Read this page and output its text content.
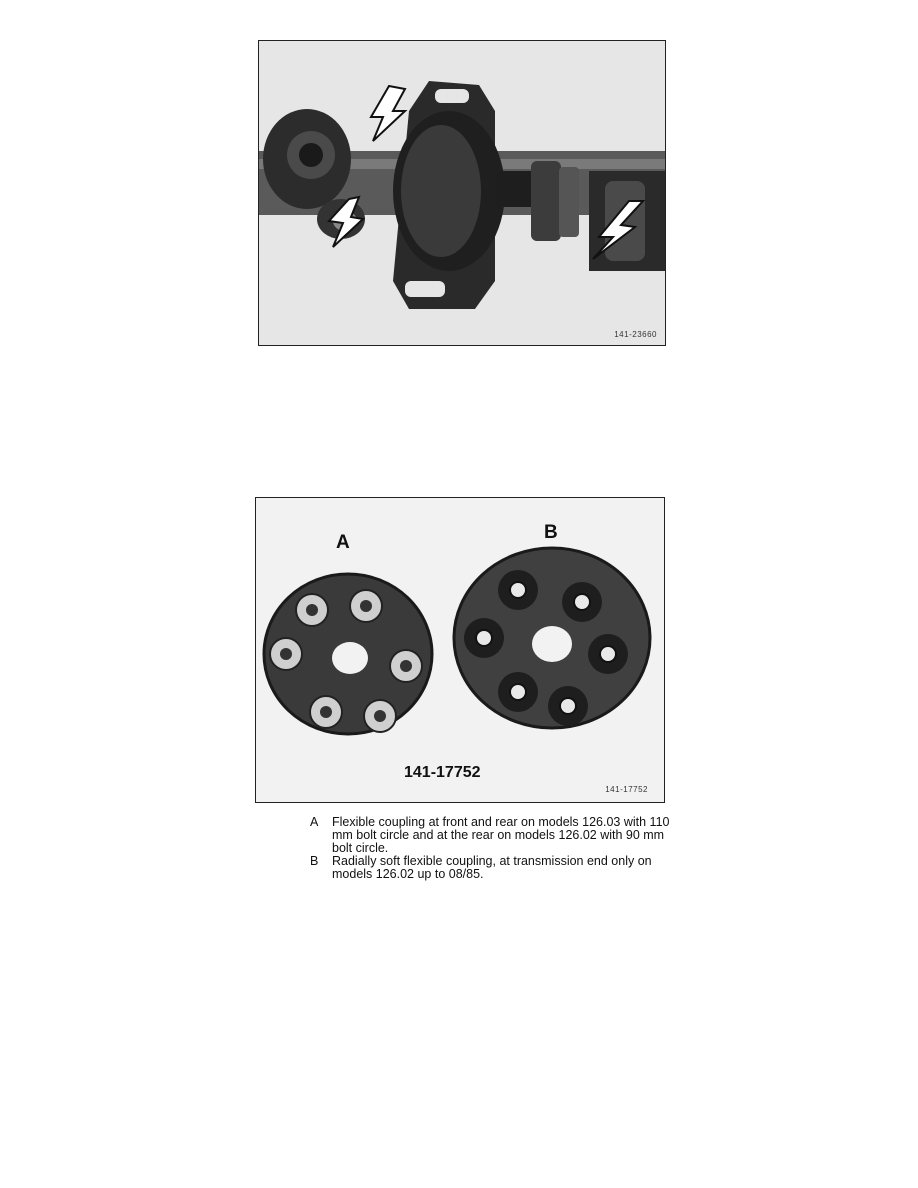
141-23660
A	B
141-17752
141-17752
A	Flexible coupling at front and rear on models 126.03 with 110 mm bolt circle and at the rear on models 126.02 with 90 mm bolt circle.
B	Radially soft flexible coupling, at transmission end only on models 126.02 up to 08/85.
